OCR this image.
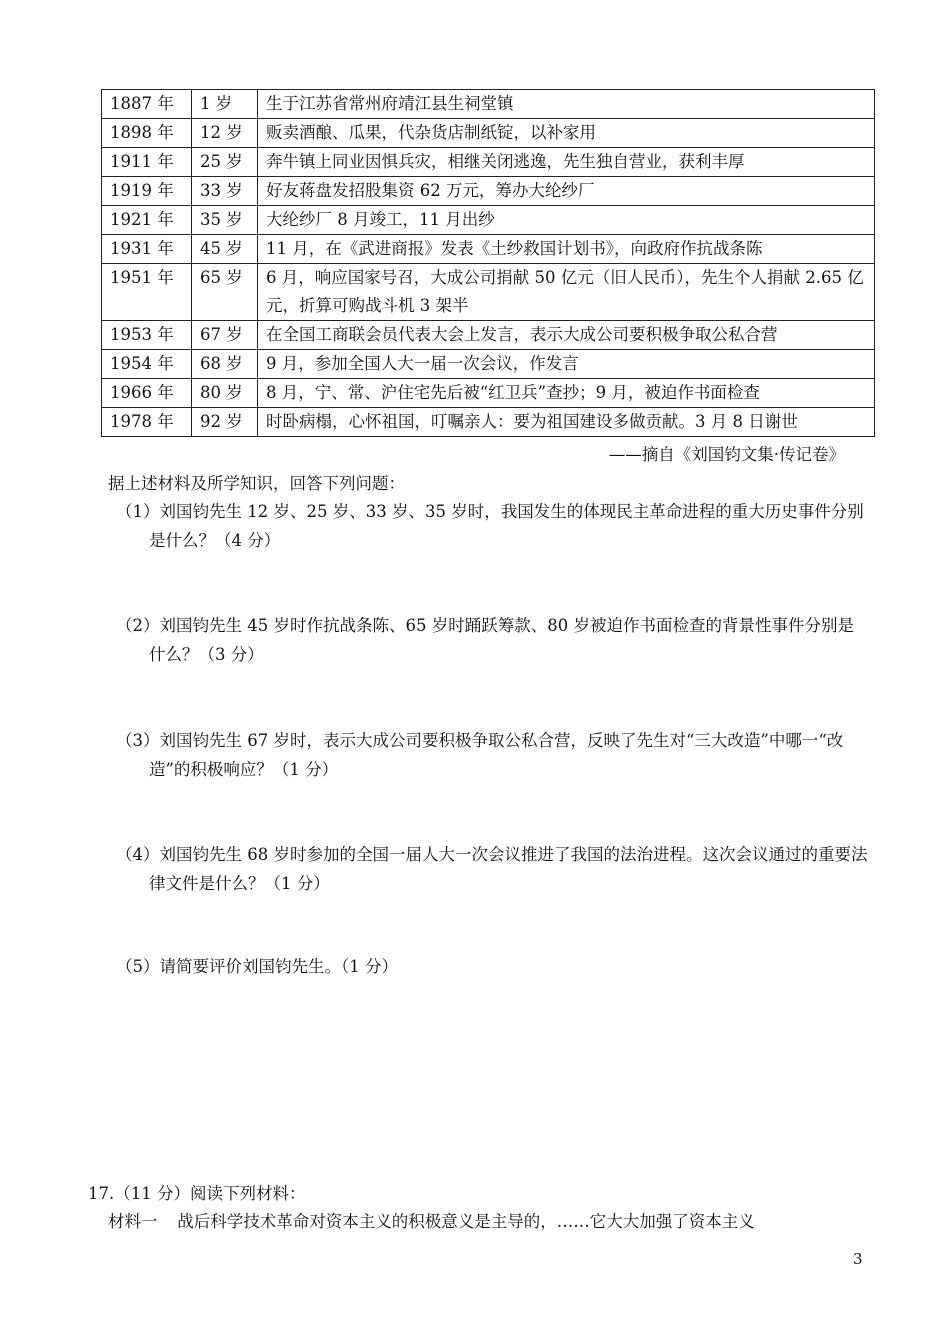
1887 年	1 岁	生于江苏省常州府靖江县生祠堂镇
1898 年	12 岁	贩卖酒酿、瓜果，代杂货店制纸锭，以补家用
1911 年	25 岁	奔牛镇上同业因惧兵灾，相继关闭逃逸，先生独自营业，获利丰厚
1919 年	33 岁	好友蒋盘发招股集资 62 万元，筹办大纶纱厂
1921 年	35 岁	大纶纱厂 8 月竣工，11 月出纱
1931 年	45 岁	11 月，在《武进商报》发表《土纱救国计划书》，向政府作抗战条陈
1951 年	65 岁	6 月，响应国家号召，大成公司捐献 50 亿元（旧人民币），先生个人捐献 2.65 亿元，折算可购战斗机 3 架半
1953 年	67 岁	在全国工商联会员代表大会上发言，表示大成公司要积极争取公私合营
1954 年	68 岁	9 月，参加全国人大一届一次会议，作发言
1966 年	80 岁	8 月，宁、常、沪住宅先后被“红卫兵”查抄；9 月，被迫作书面检查
1978 年	92 岁	时卧病榻，心怀祖国，叮嘱亲人：要为祖国建设多做贡献。3 月 8 日谢世
——摘自《刘国钧文集·传记卷》
据上述材料及所学知识，回答下列问题：
（1）刘国钧先生 12 岁、25 岁、33 岁、35 岁时，我国发生的体现民主革命进程的重大历史事件分别是什么？（4 分）
（2）刘国钧先生 45 岁时作抗战条陈、65 岁时踊跃筹款、80 岁被迫作书面检查的背景性事件分别是什么？（3 分）
（3）刘国钧先生 67 岁时，表示大成公司要积极争取公私合营，反映了先生对“三大改造”中哪一“改造”的积极响应？（1 分）
（4）刘国钧先生 68 岁时参加的全国一届人大一次会议推进了我国的法治进程。这次会议通过的重要法律文件是什么？（1 分）
（5）请简要评价刘国钧先生。（1 分）
17.（11 分）阅读下列材料：
材料一 战后科学技术革命对资本主义的积极意义是主导的，……它大大加强了资本主义
3
